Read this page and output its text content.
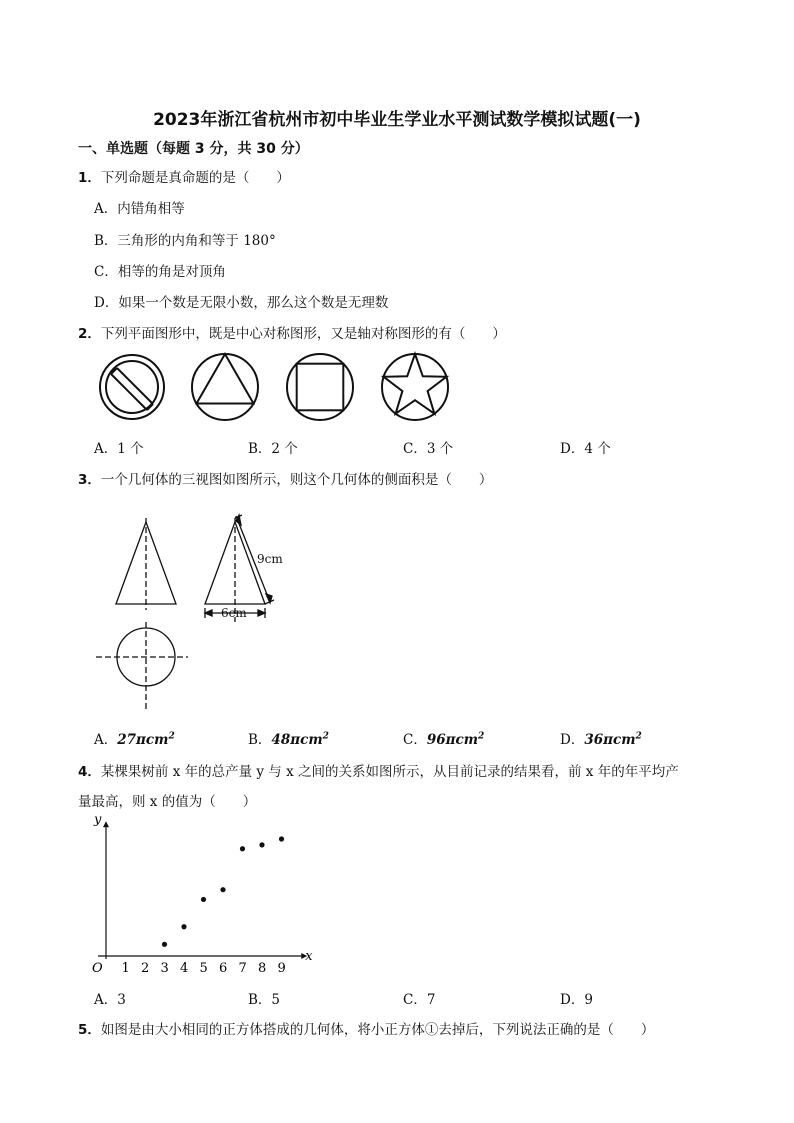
2023年浙江省杭州市初中毕业生学业水平测试数学模拟试题(一)
一、单选题（每题 3 分，共 30 分）
1．下列命题是真命题的是（　　）
A．内错角相等
B．三角形的内角和等于 180°
C．相等的角是对顶角
D．如果一个数是无限小数，那么这个数是无理数
2．下列平面图形中，既是中心对称图形，又是轴对称图形的有（　　）
A．1 个	B．2 个	C．3 个	D．4 个
3．一个几何体的三视图如图所示，则这个几何体的侧面积是（　　）
9cm
6cm
A．27πcm$^2$	B．48πcm$^2$	C．96πcm$^2$	D．36πcm$^2$
4．某棵果树前 x 年的总产量 y 与 x 之间的关系如图所示，从目前记录的结果看，前 x 年的年平均产
量最高，则 x 的值为（　　）
x
y
O 1 2 3 4 5 6 7 8 9
A．3	B．5	C．7	D．9
5．如图是由大小相同的正方体搭成的几何体，将小正方体①去掉后，下列说法正确的是（　　）
